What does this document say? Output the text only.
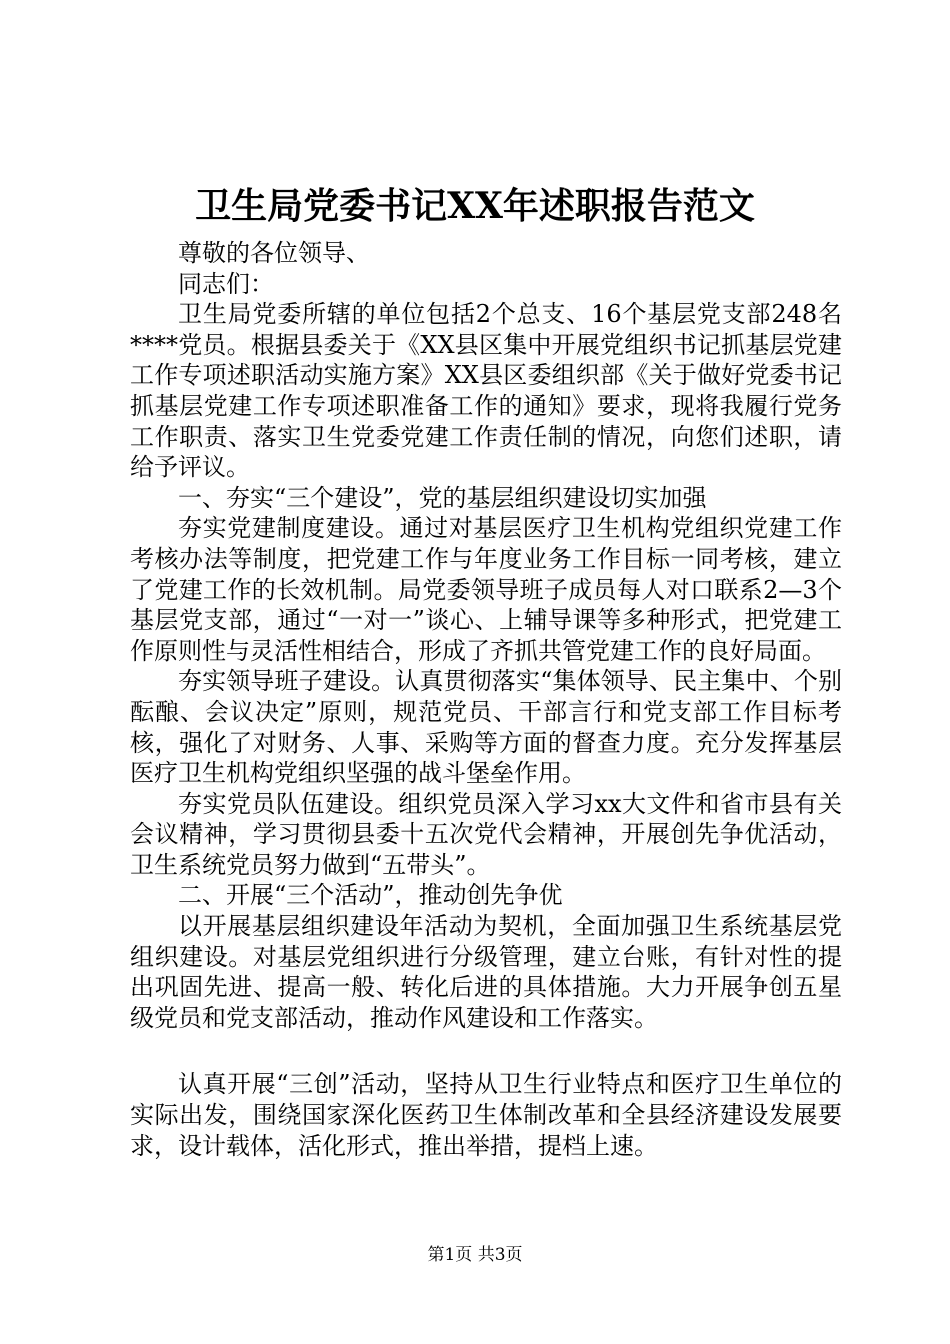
卫生局党委书记XX年述职报告范文

尊敬的各位领导、

同志们：

卫生局党委所辖的单位包括2个总支、16个基层党支部248名****党员。根据县委关于《XX县区集中开展党组织书记抓基层党建工作专项述职活动实施方案》XX县区委组织部《关于做好党委书记抓基层党建工作专项述职准备工作的通知》要求，现将我履行党务工作职责、落实卫生党委党建工作责任制的情况，向您们述职，请给予评议。

一、夯实“三个建设”，党的基层组织建设切实加强

夯实党建制度建设。通过对基层医疗卫生机构党组织党建工作考核办法等制度，把党建工作与年度业务工作目标一同考核，建立了党建工作的长效机制。局党委领导班子成员每人对口联系2—3个基层党支部，通过“一对一”谈心、上辅导课等多种形式，把党建工作原则性与灵活性相结合，形成了齐抓共管党建工作的良好局面。

夯实领导班子建设。认真贯彻落实“集体领导、民主集中、个别酝酿、会议决定”原则，规范党员、干部言行和党支部工作目标考核，强化了对财务、人事、采购等方面的督查力度。充分发挥基层医疗卫生机构党组织坚强的战斗堡垒作用。

夯实党员队伍建设。组织党员深入学习xx大文件和省市县有关会议精神，学习贯彻县委十五次党代会精神，开展创先争优活动，卫生系统党员努力做到“五带头”。

二、开展“三个活动”，推动创先争优

以开展基层组织建设年活动为契机，全面加强卫生系统基层党组织建设。对基层党组织进行分级管理，建立台账，有针对性的提出巩固先进、提高一般、转化后进的具体措施。大力开展争创五星级党员和党支部活动，推动作风建设和工作落实。

认真开展“三创”活动，坚持从卫生行业特点和医疗卫生单位的实际出发，围绕国家深化医药卫生体制改革和全县经济建设发展要求，设计载体，活化形式，推出举措，提档上速。

第1页 共3页
